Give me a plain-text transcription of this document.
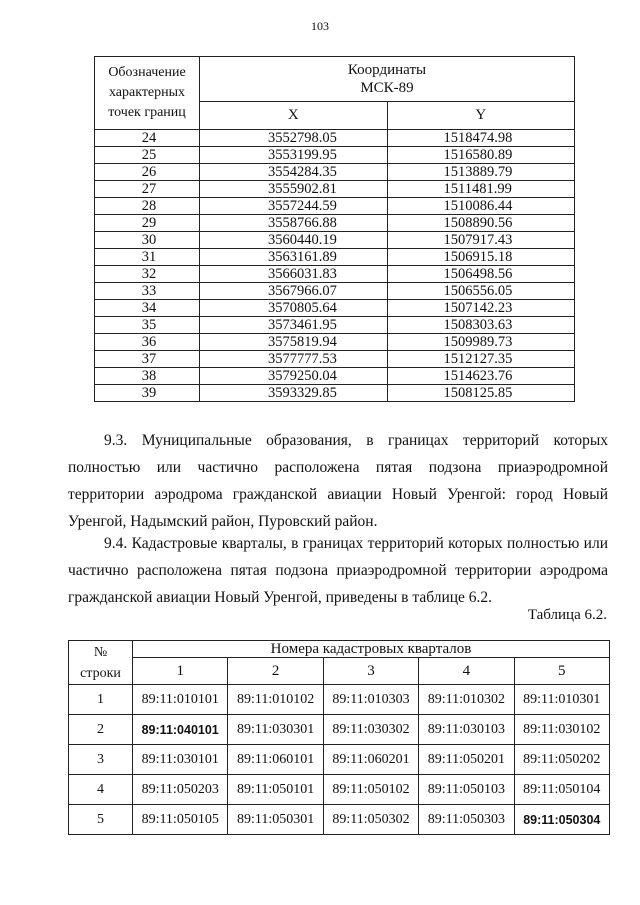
103
Обозначение
характерных
точек границ	Координаты
МСК-89	
	X	Y
24	3552798.05	1518474.98
25	3553199.95	1516580.89
26	3554284.35	1513889.79
27	3555902.81	1511481.99
28	3557244.59	1510086.44
29	3558766.88	1508890.56
30	3560440.19	1507917.43
31	3563161.89	1506915.18
32	3566031.83	1506498.56
33	3567966.07	1506556.05
34	3570805.64	1507142.23
35	3573461.95	1508303.63
36	3575819.94	1509989.73
37	3577777.53	1512127.35
38	3579250.04	1514623.76
39	3593329.85	1508125.85
9.3. Муниципальные образования, в границах территорий которых полностью или частично расположена пятая подзона приаэродромной территории аэродрома гражданской авиации Новый Уренгой: город Новый Уренгой, Надымский район, Пуровский район.
9.4. Кадастровые кварталы, в границах территорий которых полностью или частично расположена пятая подзона приаэродромной территории аэродрома гражданской авиации Новый Уренгой, приведены в таблице 6.2.
Таблица 6.2.
№
строки	Номера кадастровых кварталов				
	1	2	3	4	5
1	89:11:010101	89:11:010102	89:11:010303	89:11:010302	89:11:010301
2	89:11:040101	89:11:030301	89:11:030302	89:11:030103	89:11:030102
3	89:11:030101	89:11:060101	89:11:060201	89:11:050201	89:11:050202
4	89:11:050203	89:11:050101	89:11:050102	89:11:050103	89:11:050104
5	89:11:050105	89:11:050301	89:11:050302	89:11:050303	89:11:050304
